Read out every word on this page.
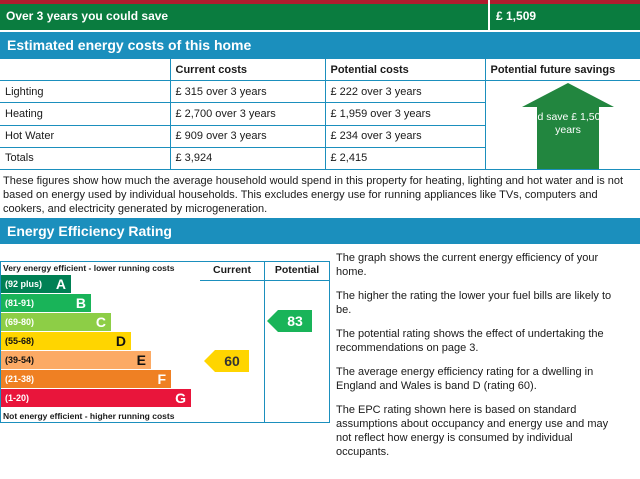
Over 3 years you could save	£ 1,509
Estimated energy costs of this home
	Current costs	Potential costs	Potential future savings
Lighting	£ 315 over 3 years	£ 222 over 3 years	You could save £ 1,509 over 3 years

Heating	£ 2,700 over 3 years	£ 1,959 over 3 years	
Hot Water	£ 909 over 3 years	£ 234 over 3 years	
Totals	£ 3,924	£ 2,415	
These figures show how much the average household would spend in this property for heating, lighting and hot water and is not based on energy used by individual households. This excludes energy use for running appliances like TVs, computers and cookers, and electricity generated by microgeneration.
Energy Efficiency Rating
Very energy efficient - lower running costs
Not energy efficient - higher running costs
(92 plus) A
(81-91)	B
(69-80)	C
(55-68)	D
(39-54)	E
(21-38)	F
(1-20)	G
Current
60
Potential
83

The graph shows the current energy efficiency of your home.

The higher the rating the lower your fuel bills are likely to be.

The potential rating shows the effect of undertaking the recommendations on page 3.

The average energy efficiency rating for a dwelling in England and Wales is band D (rating 60).

The EPC rating shown here is based on standard assumptions about occupancy and energy use and may not reflect how energy is consumed by individual occupants.
